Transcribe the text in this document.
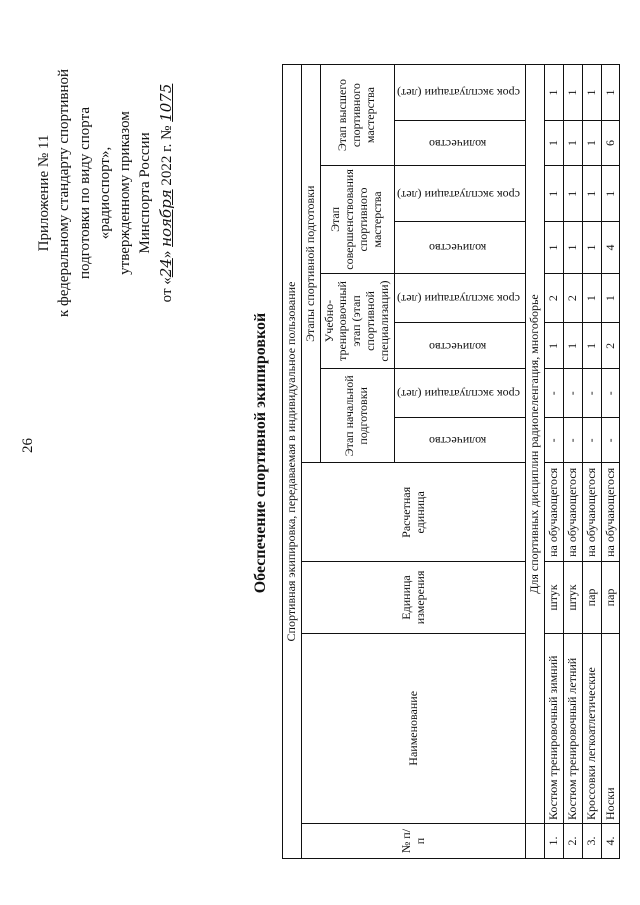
26
Приложение № 11 к федеральному стандарту спортивной подготовки по виду спорта «радиоспорт», утвержденному приказом Минспорта России
от «24» ноября 2022 г. № 1075
Обеспечение спортивной экипировкой Спортивная экипировка, передаваемая в индивидуальное пользование											
№ п/п	Наименование	Единица измерения	Расчетная единица	Этапы спортивной подготовки							
				Этап начальной подготовки		Учебно-тренировочный этап (этап спортивной специализации)		Этап совершенствования спортивного мастерства		Этап высшего спортивного мастерства	
				количество	срок эксплуатации (лет)	количество	срок эксплуатации (лет)	количество	срок эксплуатации (лет)	количество	срок эксплуатации (лет)
	Для спортивных дисциплин радиопеленгация, многоборье										
1.	Костюм тренировочный зимний	штук	на обучающегося	-	-	1	2	1	1	1	1
2.	Костюм тренировочный летний	штук	на обучающегося	-	-	1	2	1	1	1	1
3.	Кроссовки легкоатлетические	пар	на обучающегося	-	-	1	1	1	1	1	1
4.	Носки	пар	на обучающегося	-	-	2	1	4	1	6	1
